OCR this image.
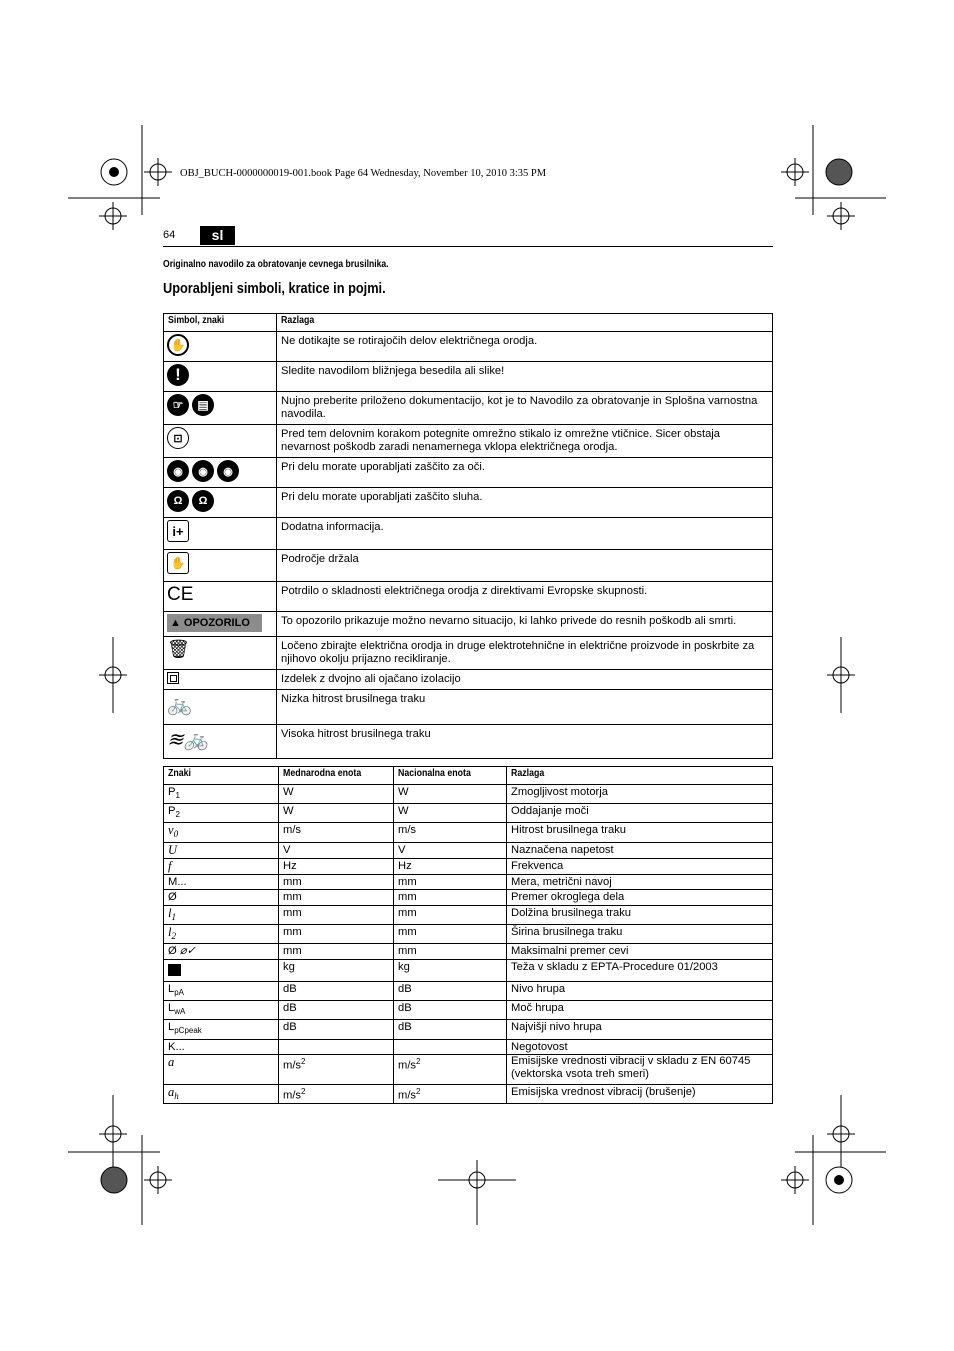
OBJ_BUCH-0000000019-001.book Page 64 Wednesday, November 10, 2010 3:35 PM
64	sl
Originalno navodilo za obratovanje cevnega brusilnika.
Uporabljeni simboli, kratice in pojmi.
Simbol, znaki	Razlaga
✋	Ne dotikajte se rotirajočih delov električnega orodja.
!	Sledite navodilom bližnjega besedila ali slike!
☞ ▤	Nujno preberite priloženo dokumentacijo, kot je to Navodilo za obratovanje in Splošna varnostna navodila.
⊡	Pred tem delovnim korakom potegnite omrežno stikalo iz omrežne vtičnice. Sicer obstaja nevarnost poškodb zaradi nenamernega vklopa električnega orodja.
◉ ◉ ◉	Pri delu morate uporabljati zaščito za oči.
Ω Ω	Pri delu morate uporabljati zaščito sluha.
i+	Dodatna informacija.
✋	Področje držala
CE	Potrdilo o skladnosti električnega orodja z direktivami Evropske skupnosti.

▲ OPOZORILO	To opozorilo prikazuje možno nevarno situacijo, ki lahko privede do resnih poškodb ali smrti.
🗑	Ločeno zbirajte električna orodja in druge elektrotehnične in električne proizvode in poskrbite za njihovo okolju prijazno recikliranje.

	Izdelek z dvojno ali ojačano izolacijo
🚲	Nizka hitrost brusilnega traku
≋🚲	Visoka hitrost brusilnega traku
Znaki	Mednarodna enota	Nacionalna enota	Razlaga
$P_1$	W	W	Zmogljivost motorja
$P_2$	W	W	Oddajanje moči
$v_0$	m/s	m/s	Hitrost brusilnega traku
U	V	V	Naznačena napetost
f	Hz	Hz	Frekvenca
M...	mm	mm	Mera, metrični navoj
Ø	mm	mm	Premer okroglega dela
$l_1$	mm	mm	Dolžina brusilnega traku
$l_2$	mm	mm	Širina brusilnega traku
Ø ⌀✓	mm	mm	Maksimalni premer cevi
	kg	kg	Teža v skladu z EPTA-Procedure 01/2003
$L_{pA}$	dB	dB	Nivo hrupa
$L_{wA}$	dB	dB	Moč hrupa
$L_{pCpeak}$	dB	dB	Najvišji nivo hrupa
K...			Negotovost
a	$m/s^2$	$m/s^2$	Emisijske vrednosti vibracij v skladu z EN 60745 (vektorska vsota treh smeri)
$a_h$	$m/s^2$	$m/s^2$	Emisijska vrednost vibracij (brušenje)
